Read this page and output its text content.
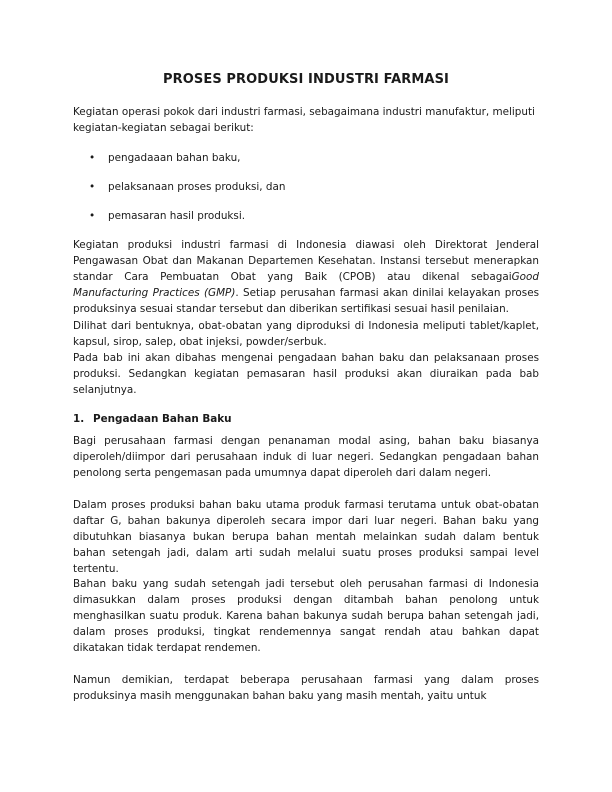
PROSES PRODUKSI INDUSTRI FARMASI

Kegiatan operasi pokok dari industri farmasi, sebagaimana industri manufaktur, meliputi kegiatan-kegiatan sebagai berikut:

• pengadaaan bahan baku,
• pelaksanaan proses produksi, dan
• pemasaran hasil produksi.

Kegiatan produksi industri farmasi di Indonesia diawasi oleh Direktorat Jenderal Pengawasan Obat dan Makanan Departemen Kesehatan. Instansi tersebut menerapkan standar Cara Pembuatan Obat yang Baik (CPOB) atau dikenal sebagaiGood Manufacturing Practices (GMP). Setiap perusahan farmasi akan dinilai kelayakan proses produksinya sesuai standar tersebut dan diberikan sertifikasi sesuai hasil penilaian.

Dilihat dari bentuknya, obat-obatan yang diproduksi di Indonesia meliputi tablet/kaplet, kapsul, sirop, salep, obat injeksi, powder/serbuk.

Pada bab ini akan dibahas mengenai pengadaan bahan baku dan pelaksanaan proses produksi. Sedangkan kegiatan pemasaran hasil produksi akan diuraikan pada bab selanjutnya.

1. Pengadaan Bahan Baku

Bagi perusahaan farmasi dengan penanaman modal asing, bahan baku biasanya diperoleh/diimpor dari perusahaan induk di luar negeri. Sedangkan pengadaan bahan penolong serta pengemasan pada umumnya dapat diperoleh dari dalam negeri.

Dalam proses produksi bahan baku utama produk farmasi terutama untuk obat-obatan daftar G, bahan bakunya diperoleh secara impor dari luar negeri. Bahan baku yang dibutuhkan biasanya bukan berupa bahan mentah melainkan sudah dalam bentuk bahan setengah jadi, dalam arti sudah melalui suatu proses produksi sampai level tertentu.

Bahan baku yang sudah setengah jadi tersebut oleh perusahan farmasi di Indonesia dimasukkan dalam proses produksi dengan ditambah bahan penolong untuk menghasilkan suatu produk. Karena bahan bakunya sudah berupa bahan setengah jadi, dalam proses produksi, tingkat rendemennya sangat rendah atau bahkan dapat dikatakan tidak terdapat rendemen.

Namun demikian, terdapat beberapa perusahaan farmasi yang dalam proses produksinya masih menggunakan bahan baku yang masih mentah, yaitu untuk
